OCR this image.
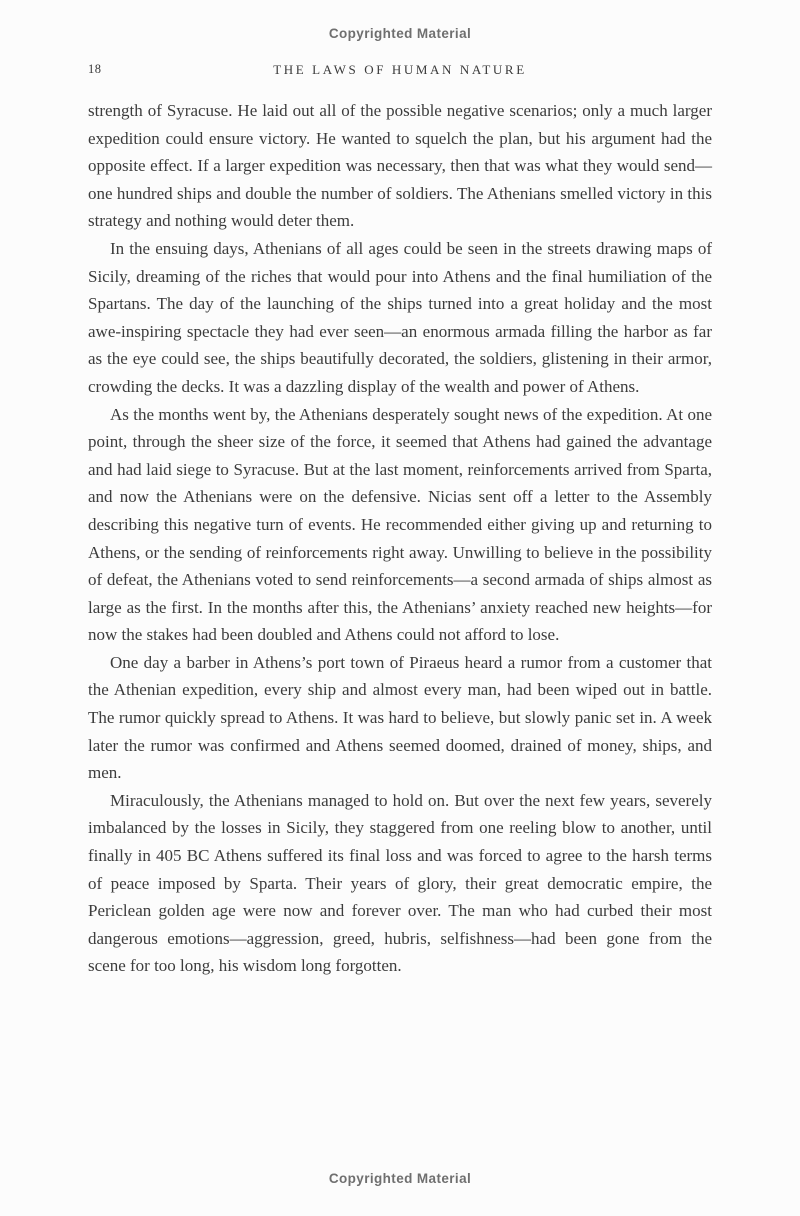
Copyrighted Material
18	THE LAWS OF HUMAN NATURE

strength of Syracuse. He laid out all of the possible negative scenarios; only a much larger expedition could ensure victory. He wanted to squelch the plan, but his argument had the opposite effect. If a larger expedition was necessary, then that was what they would send—one hundred ships and double the number of soldiers. The Athenians smelled victory in this strategy and nothing would deter them.

In the ensuing days, Athenians of all ages could be seen in the streets drawing maps of Sicily, dreaming of the riches that would pour into Athens and the final humiliation of the Spartans. The day of the launching of the ships turned into a great holiday and the most awe-inspiring spectacle they had ever seen—an enormous armada filling the harbor as far as the eye could see, the ships beautifully decorated, the soldiers, glistening in their armor, crowding the decks. It was a dazzling display of the wealth and power of Athens.

As the months went by, the Athenians desperately sought news of the expedition. At one point, through the sheer size of the force, it seemed that Athens had gained the advantage and had laid siege to Syracuse. But at the last moment, reinforcements arrived from Sparta, and now the Athenians were on the defensive. Nicias sent off a letter to the Assembly describing this negative turn of events. He recommended either giving up and returning to Athens, or the sending of reinforcements right away. Unwilling to believe in the possibility of defeat, the Athenians voted to send reinforcements—a second armada of ships almost as large as the first. In the months after this, the Athenians’ anxiety reached new heights—for now the stakes had been doubled and Athens could not afford to lose.

One day a barber in Athens’s port town of Piraeus heard a rumor from a customer that the Athenian expedition, every ship and almost every man, had been wiped out in battle. The rumor quickly spread to Athens. It was hard to believe, but slowly panic set in. A week later the rumor was confirmed and Athens seemed doomed, drained of money, ships, and men.

Miraculously, the Athenians managed to hold on. But over the next few years, severely imbalanced by the losses in Sicily, they staggered from one reeling blow to another, until finally in 405 BC Athens suffered its final loss and was forced to agree to the harsh terms of peace imposed by Sparta. Their years of glory, their great democratic empire, the Periclean golden age were now and forever over. The man who had curbed their most dangerous emotions—aggression, greed, hubris, selfishness—had been gone from the scene for too long, his wisdom long forgotten.

Copyrighted Material
